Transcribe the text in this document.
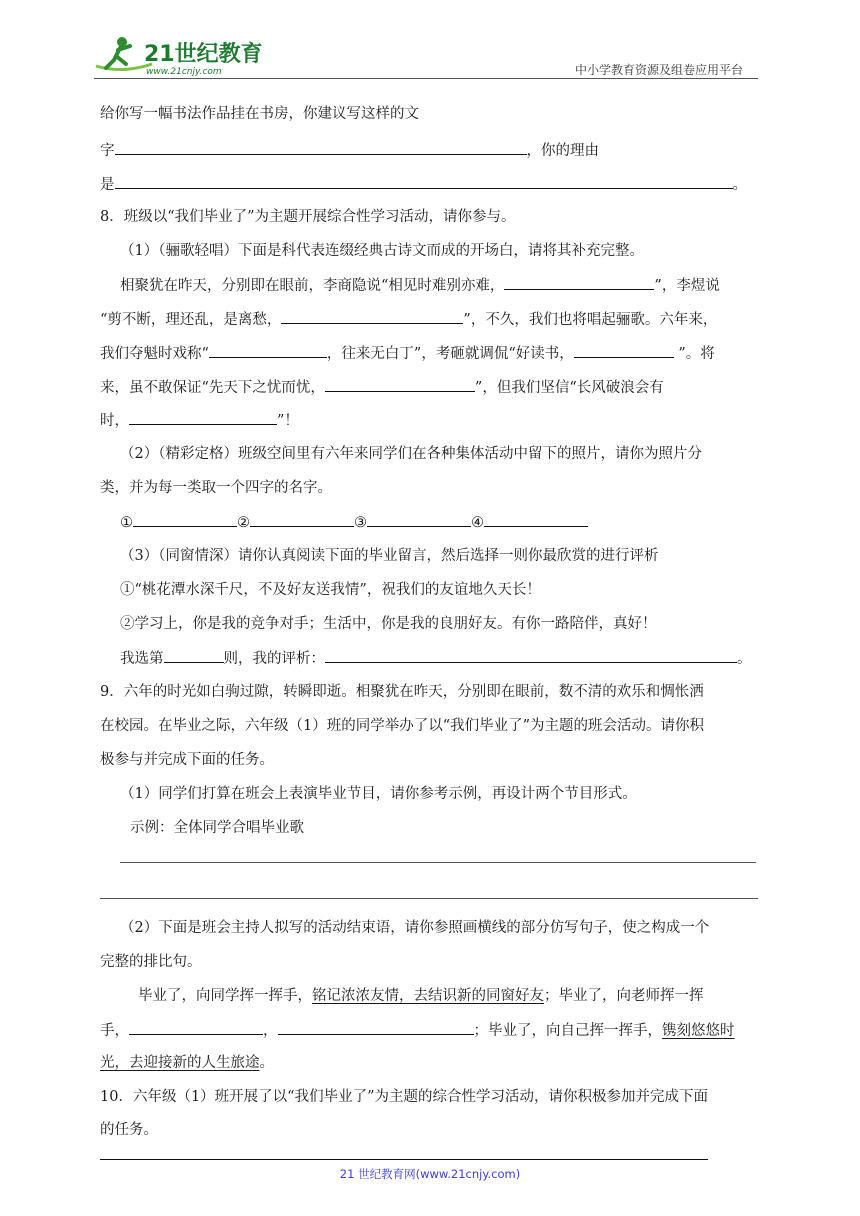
21世纪教育
www.21cnjy.com	中小学教育资源及组卷应用平台
给你写一幅书法作品挂在书房，你建议写这样的文
字	，你的理由
是	。
8．班级以“我们毕业了”为主题开展综合性学习活动，请你参与。
（1）（骊歌轻唱）下面是科代表连缀经典古诗文而成的开场白，请将其补充完整。
相聚犹在昨天，分别即在眼前，李商隐说“相见时难别亦难，	”，李煜说
“剪不断，理还乱，是离愁，	”，不久，我们也将唱起骊歌。六年来，
我们夺魁时戏称“	，往来无白丁”，考砸就调侃“好读书，	”。将
来，虽不敢保证“先天下之忧而忧，	”，但我们坚信“长风破浪会有
时，	”！
（2）（精彩定格）班级空间里有六年来同学们在各种集体活动中留下的照片，请你为照片分
类，并为每一类取一个四字的名字。
①	②	③	④
（3）（同窗情深）请你认真阅读下面的毕业留言，然后选择一则你最欣赏的进行评析
①“桃花潭水深千尺，不及好友送我情”，祝我们的友谊地久天长！
②学习上，你是我的竞争对手；生活中，你是我的良朋好友。有你一路陪伴，真好！
我选第	则，我的评析：	。
9．六年的时光如白驹过隙，转瞬即逝。相聚犹在昨天，分别即在眼前，数不清的欢乐和惆怅洒
在校园。在毕业之际，六年级（1）班的同学举办了以“我们毕业了”为主题的班会活动。请你积
极参与并完成下面的任务。
（1）同学们打算在班会上表演毕业节目，请你参考示例，再设计两个节目形式。
示例：全体同学合唱毕业歌
（2）下面是班会主持人拟写的活动结束语，请你参照画横线的部分仿写句子，使之构成一个
完整的排比句。
毕业了，向同学挥一挥手，铭记浓浓友情，去结识新的同窗好友；毕业了，向老师挥一挥
手，	，	；毕业了，向自己挥一挥手，镌刻悠悠时
光，去迎接新的人生旅途。
10．六年级（1）班开展了以“我们毕业了”为主题的综合性学习活动，请你积极参加并完成下面
的任务。
21 世纪教育网(www.21cnjy.com)
